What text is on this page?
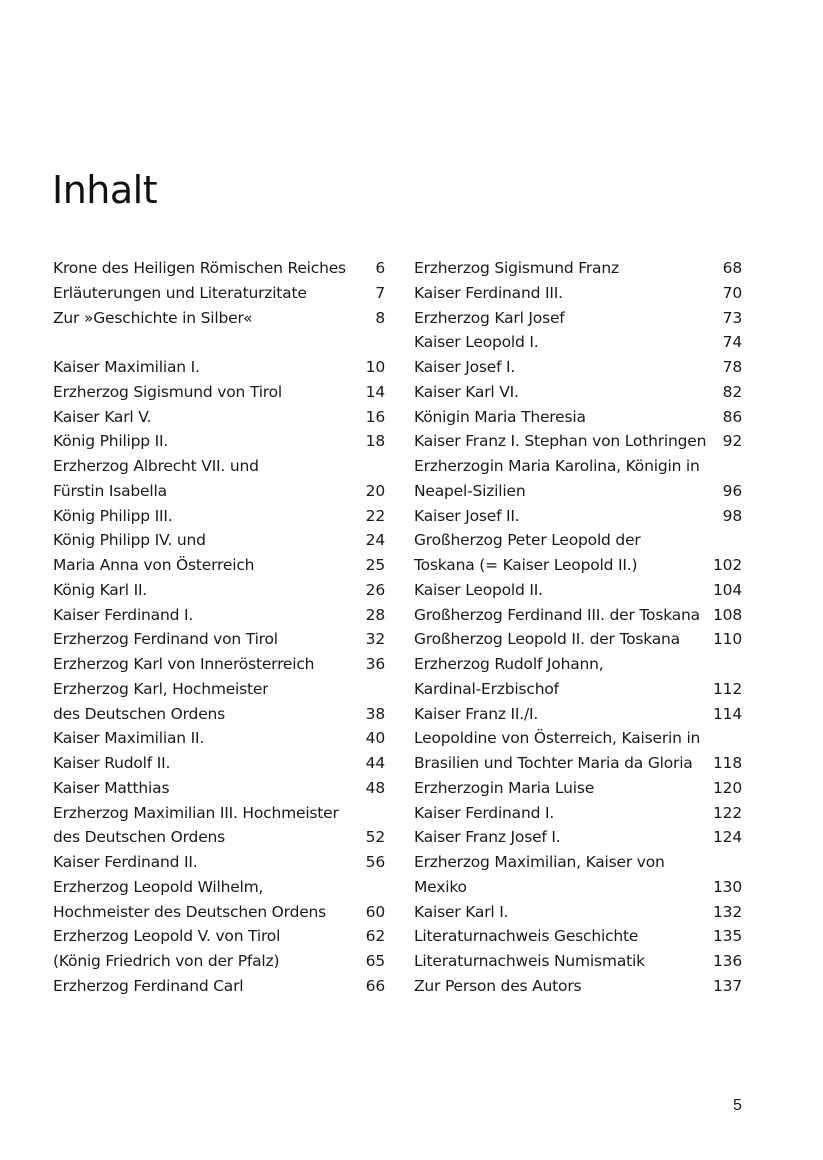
Inhalt
Krone des Heiligen Römischen Reiches	6
Erläuterungen und Literaturzitate	7
Zur »Geschichte in Silber«	8
Kaiser Maximilian I.	10
Erzherzog Sigismund von Tirol	14
Kaiser Karl V.	16
König Philipp II.	18
Erzherzog Albrecht VII. und
Fürstin Isabella	20
König Philipp III.	22
König Philipp IV. und	24
Maria Anna von Österreich	25
König Karl II.	26
Kaiser Ferdinand I.	28
Erzherzog Ferdinand von Tirol	32
Erzherzog Karl von Innerösterreich	36
Erzherzog Karl, Hochmeister
des Deutschen Ordens	38
Kaiser Maximilian II.	40
Kaiser Rudolf II.	44
Kaiser Matthias	48
Erzherzog Maximilian III. Hochmeister
des Deutschen Ordens	52
Kaiser Ferdinand II.	56
Erzherzog Leopold Wilhelm,
Hochmeister des Deutschen Ordens	60
Erzherzog Leopold V. von Tirol	62
(König Friedrich von der Pfalz)	65
Erzherzog Ferdinand Carl	66
Erzherzog Sigismund Franz	68
Kaiser Ferdinand III.	70
Erzherzog Karl Josef	73
Kaiser Leopold I.	74
Kaiser Josef I.	78
Kaiser Karl VI.	82
Königin Maria Theresia	86
Kaiser Franz I. Stephan von Lothringen	92
Erzherzogin Maria Karolina, Königin in
Neapel-Sizilien	96
Kaiser Josef II.	98
Großherzog Peter Leopold der
Toskana (= Kaiser Leopold II.)	102
Kaiser Leopold II.	104
Großherzog Ferdinand III. der Toskana 108
Großherzog Leopold II. der Toskana	110
Erzherzog Rudolf Johann,
Kardinal-Erzbischof	112
Kaiser Franz II./I.	114
Leopoldine von Österreich, Kaiserin in
Brasilien und Tochter Maria da Gloria	118
Erzherzogin Maria Luise	120
Kaiser Ferdinand I.	122
Kaiser Franz Josef I.	124
Erzherzog Maximilian, Kaiser von
Mexiko	130
Kaiser Karl I.	132
Literaturnachweis Geschichte	135
Literaturnachweis Numismatik	136
Zur Person des Autors	137
5
